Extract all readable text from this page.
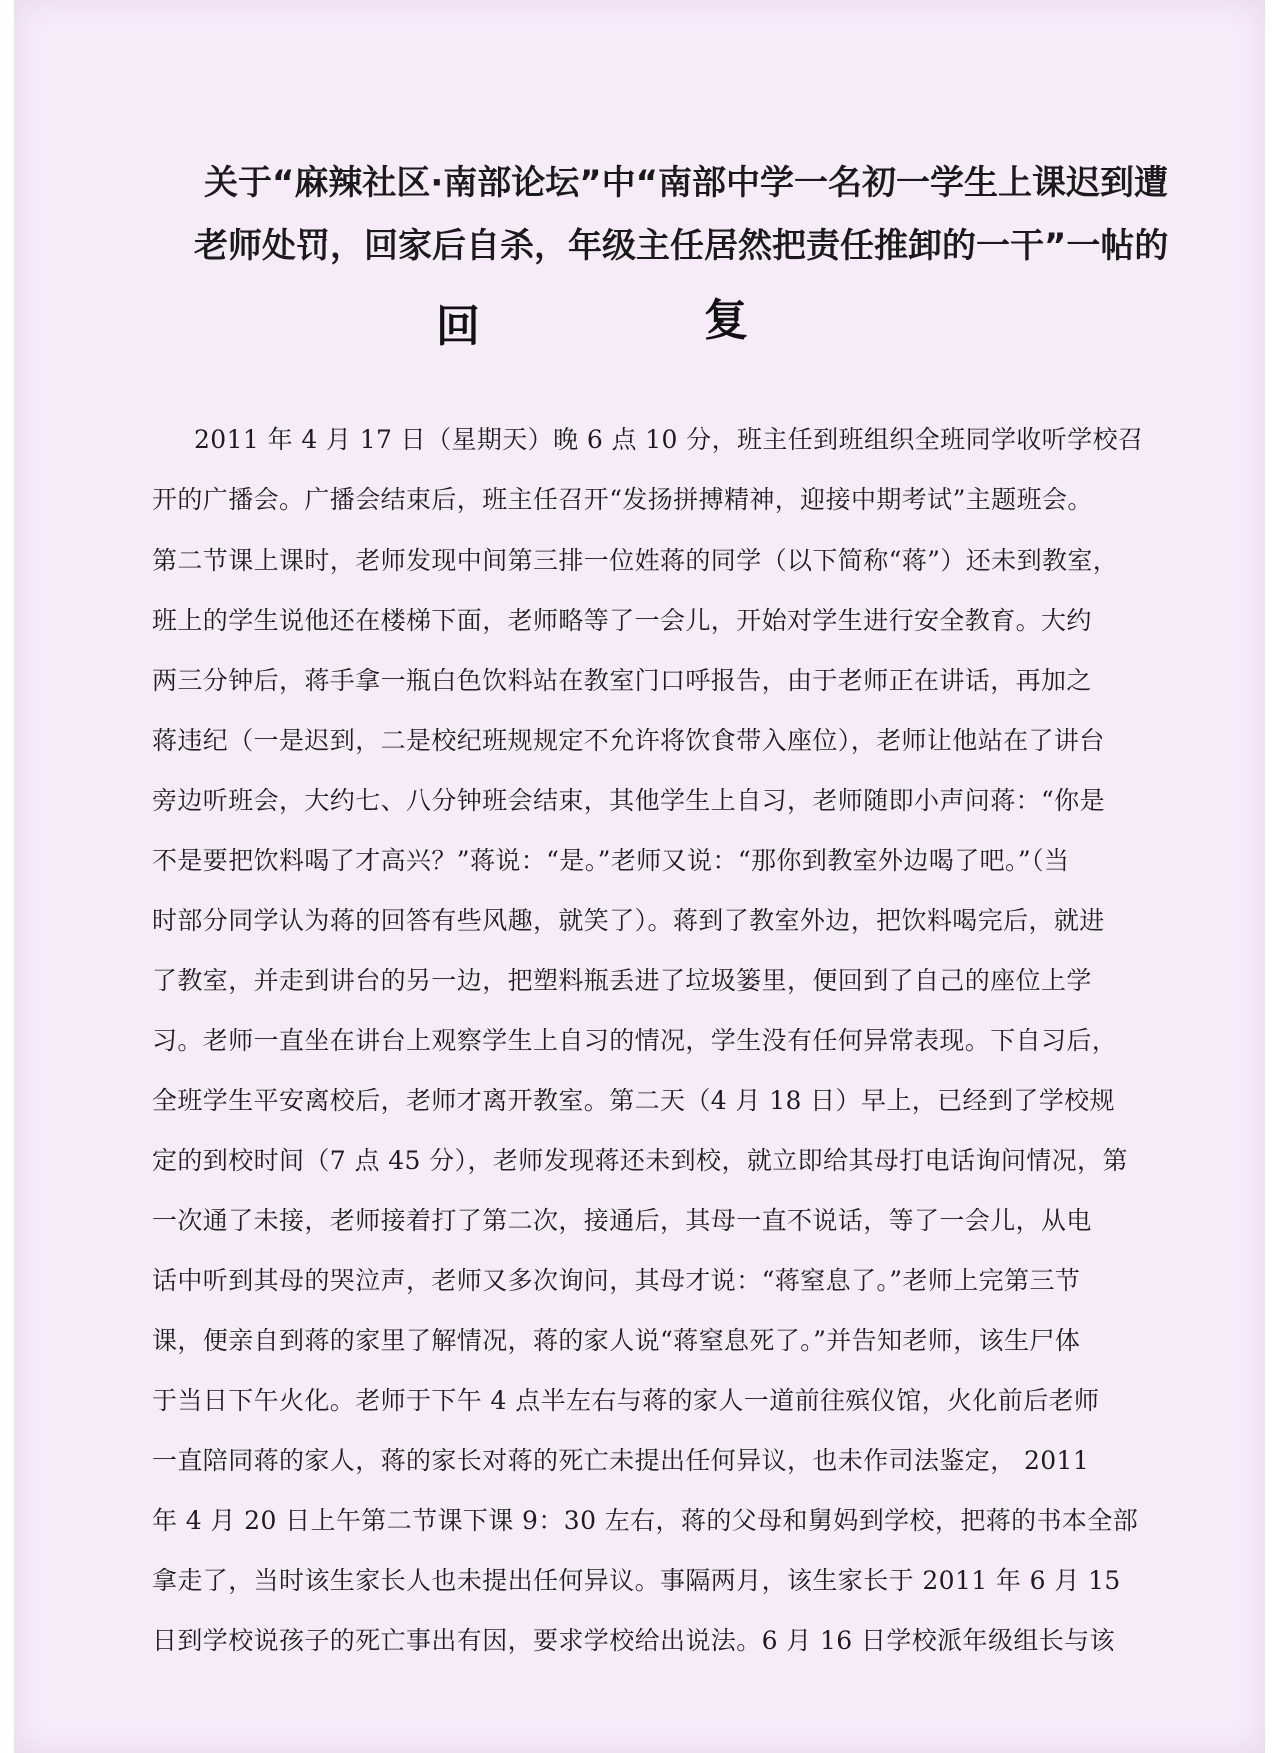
关于“麻辣社区·南部论坛”中“南部中学一名初一学生上课迟到遭
老师处罚，回家后自杀，年级主任居然把责任推卸的一干”一帖的
回	复
2011 年 4 月 17 日（星期天）晚 6 点 10 分，班主任到班组织全班同学收听学校召
开的广播会。广播会结束后，班主任召开“发扬拼搏精神，迎接中期考试”主题班会。
第二节课上课时，老师发现中间第三排一位姓蒋的同学（以下简称“蒋”）还未到教室，
班上的学生说他还在楼梯下面，老师略等了一会儿，开始对学生进行安全教育。大约
两三分钟后，蒋手拿一瓶白色饮料站在教室门口呼报告，由于老师正在讲话，再加之
蒋违纪（一是迟到，二是校纪班规规定不允许将饮食带入座位），老师让他站在了讲台
旁边听班会，大约七、八分钟班会结束，其他学生上自习，老师随即小声问蒋：“你是
不是要把饮料喝了才高兴？”蒋说：“是。”老师又说：“那你到教室外边喝了吧。”（当
时部分同学认为蒋的回答有些风趣，就笑了）。蒋到了教室外边，把饮料喝完后，就进
了教室，并走到讲台的另一边，把塑料瓶丢进了垃圾篓里，便回到了自己的座位上学
习。老师一直坐在讲台上观察学生上自习的情况，学生没有任何异常表现。下自习后，
全班学生平安离校后，老师才离开教室。第二天（4 月 18 日）早上，已经到了学校规
定的到校时间（7 点 45 分），老师发现蒋还未到校，就立即给其母打电话询问情况，第
一次通了未接，老师接着打了第二次，接通后，其母一直不说话，等了一会儿，从电
话中听到其母的哭泣声，老师又多次询问，其母才说：“蒋窒息了。”老师上完第三节
课，便亲自到蒋的家里了解情况，蒋的家人说“蒋窒息死了。”并告知老师，该生尸体
于当日下午火化。老师于下午 4 点半左右与蒋的家人一道前往殡仪馆，火化前后老师
一直陪同蒋的家人，蒋的家长对蒋的死亡未提出任何异议，也未作司法鉴定， 2011
年 4 月 20 日上午第二节课下课 9：30 左右，蒋的父母和舅妈到学校，把蒋的书本全部
拿走了，当时该生家长人也未提出任何异议。事隔两月，该生家长于 2011 年 6 月 15
日到学校说孩子的死亡事出有因，要求学校给出说法。6 月 16 日学校派年级组长与该
